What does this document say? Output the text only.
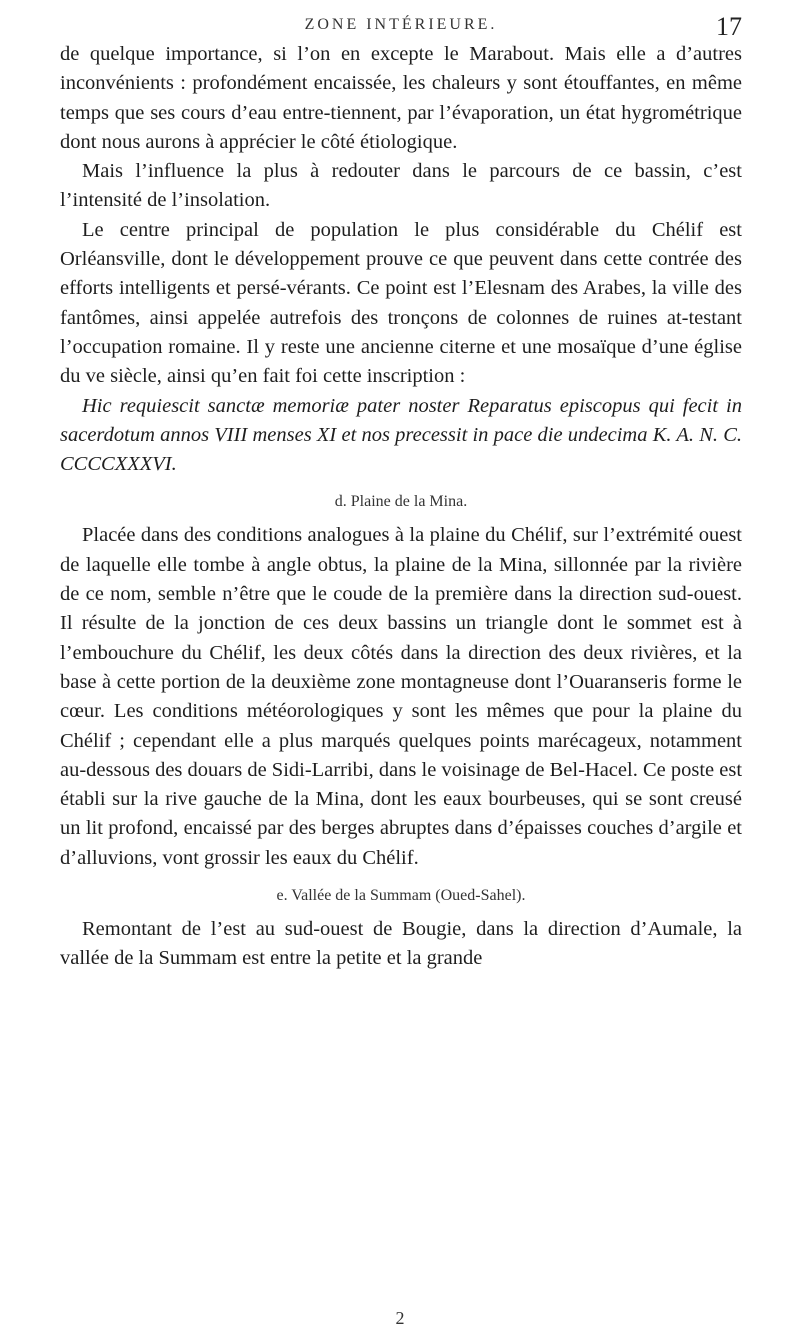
ZONE INTÉRIEURE.	17

de quelque importance, si l’on en excepte le Marabout. Mais elle a d’autres inconvénients : profondément encaissée, les chaleurs y sont étouffantes, en même temps que ses cours d’eau entre-tiennent, par l’évaporation, un état hygrométrique dont nous aurons à apprécier le côté étiologique.

Mais l’influence la plus à redouter dans le parcours de ce bassin, c’est l’intensité de l’insolation.

Le centre principal de population le plus considérable du Chélif est Orléansville, dont le développement prouve ce que peuvent dans cette contrée des efforts intelligents et persé-vérants. Ce point est l’Elesnam des Arabes, la ville des fantômes, ainsi appelée autrefois des tronçons de colonnes de ruines at-testant l’occupation romaine. Il y reste une ancienne citerne et une mosaïque d’une église du ve siècle, ainsi qu’en fait foi cette inscription :

Hic requiescit sanctæ memoriæ pater noster Reparatus episcopus qui fecit in sacerdotum annos VIII menses XI et nos precessit in pace die undecima K. A. N. C. CCCCXXXVI.

d. Plaine de la Mina.

Placée dans des conditions analogues à la plaine du Chélif, sur l’extrémité ouest de laquelle elle tombe à angle obtus, la plaine de la Mina, sillonnée par la rivière de ce nom, semble n’être que le coude de la première dans la direction sud-ouest. Il résulte de la jonction de ces deux bassins un triangle dont le sommet est à l’embouchure du Chélif, les deux côtés dans la direction des deux rivières, et la base à cette portion de la deuxième zone montagneuse dont l’Ouaranseris forme le cœur. Les conditions météorologiques y sont les mêmes que pour la plaine du Chélif ; cependant elle a plus marqués quelques points marécageux, notamment au-dessous des douars de Sidi-Larribi, dans le voisinage de Bel-Hacel. Ce poste est établi sur la rive gauche de la Mina, dont les eaux bourbeuses, qui se sont creusé un lit profond, encaissé par des berges abruptes dans d’épaisses couches d’argile et d’alluvions, vont grossir les eaux du Chélif.

e. Vallée de la Summam (Oued-Sahel).

Remontant de l’est au sud-ouest de Bougie, dans la direction d’Aumale, la vallée de la Summam est entre la petite et la grande

2
